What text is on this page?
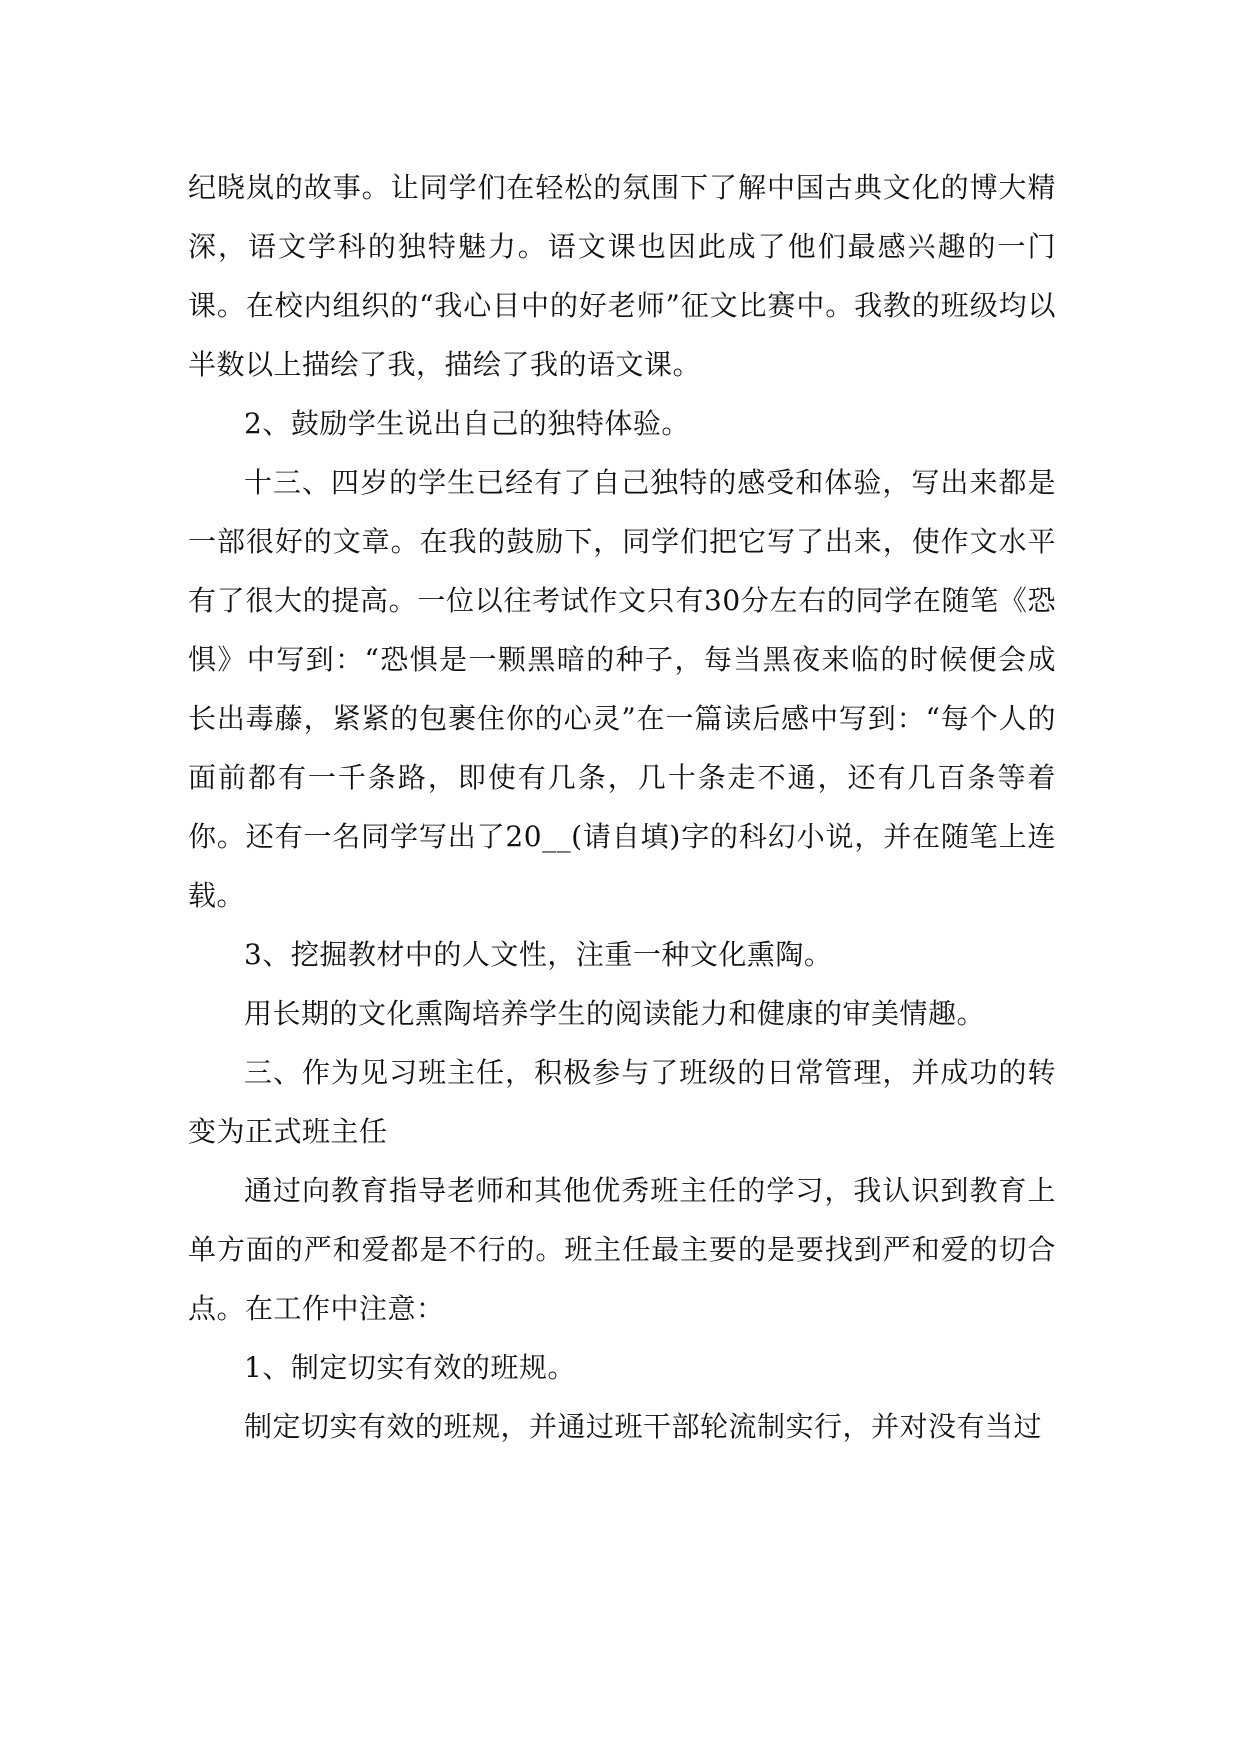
纪晓岚的故事。让同学们在轻松的氛围下了解中国古典文化的博大精深，语文学科的独特魅力。语文课也因此成了他们最感兴趣的一门课。在校内组织的“我心目中的好老师”征文比赛中。我教的班级均以半数以上描绘了我，描绘了我的语文课。

2、鼓励学生说出自己的独特体验。

十三、四岁的学生已经有了自己独特的感受和体验，写出来都是一部很好的文章。在我的鼓励下，同学们把它写了出来，使作文水平有了很大的提高。一位以往考试作文只有30分左右的同学在随笔《恐惧》中写到：“恐惧是一颗黑暗的种子，每当黑夜来临的时候便会成长出毒藤，紧紧的包裹住你的心灵”在一篇读后感中写到：“每个人的面前都有一千条路，即使有几条，几十条走不通，还有几百条等着你。还有一名同学写出了20__(请自填)字的科幻小说，并在随笔上连载。

3、挖掘教材中的人文性，注重一种文化熏陶。

用长期的文化熏陶培养学生的阅读能力和健康的审美情趣。

三、作为见习班主任，积极参与了班级的日常管理，并成功的转变为正式班主任

通过向教育指导老师和其他优秀班主任的学习，我认识到教育上单方面的严和爱都是不行的。班主任最主要的是要找到严和爱的切合点。在工作中注意：

1、制定切实有效的班规。

制定切实有效的班规，并通过班干部轮流制实行，并对没有当过
